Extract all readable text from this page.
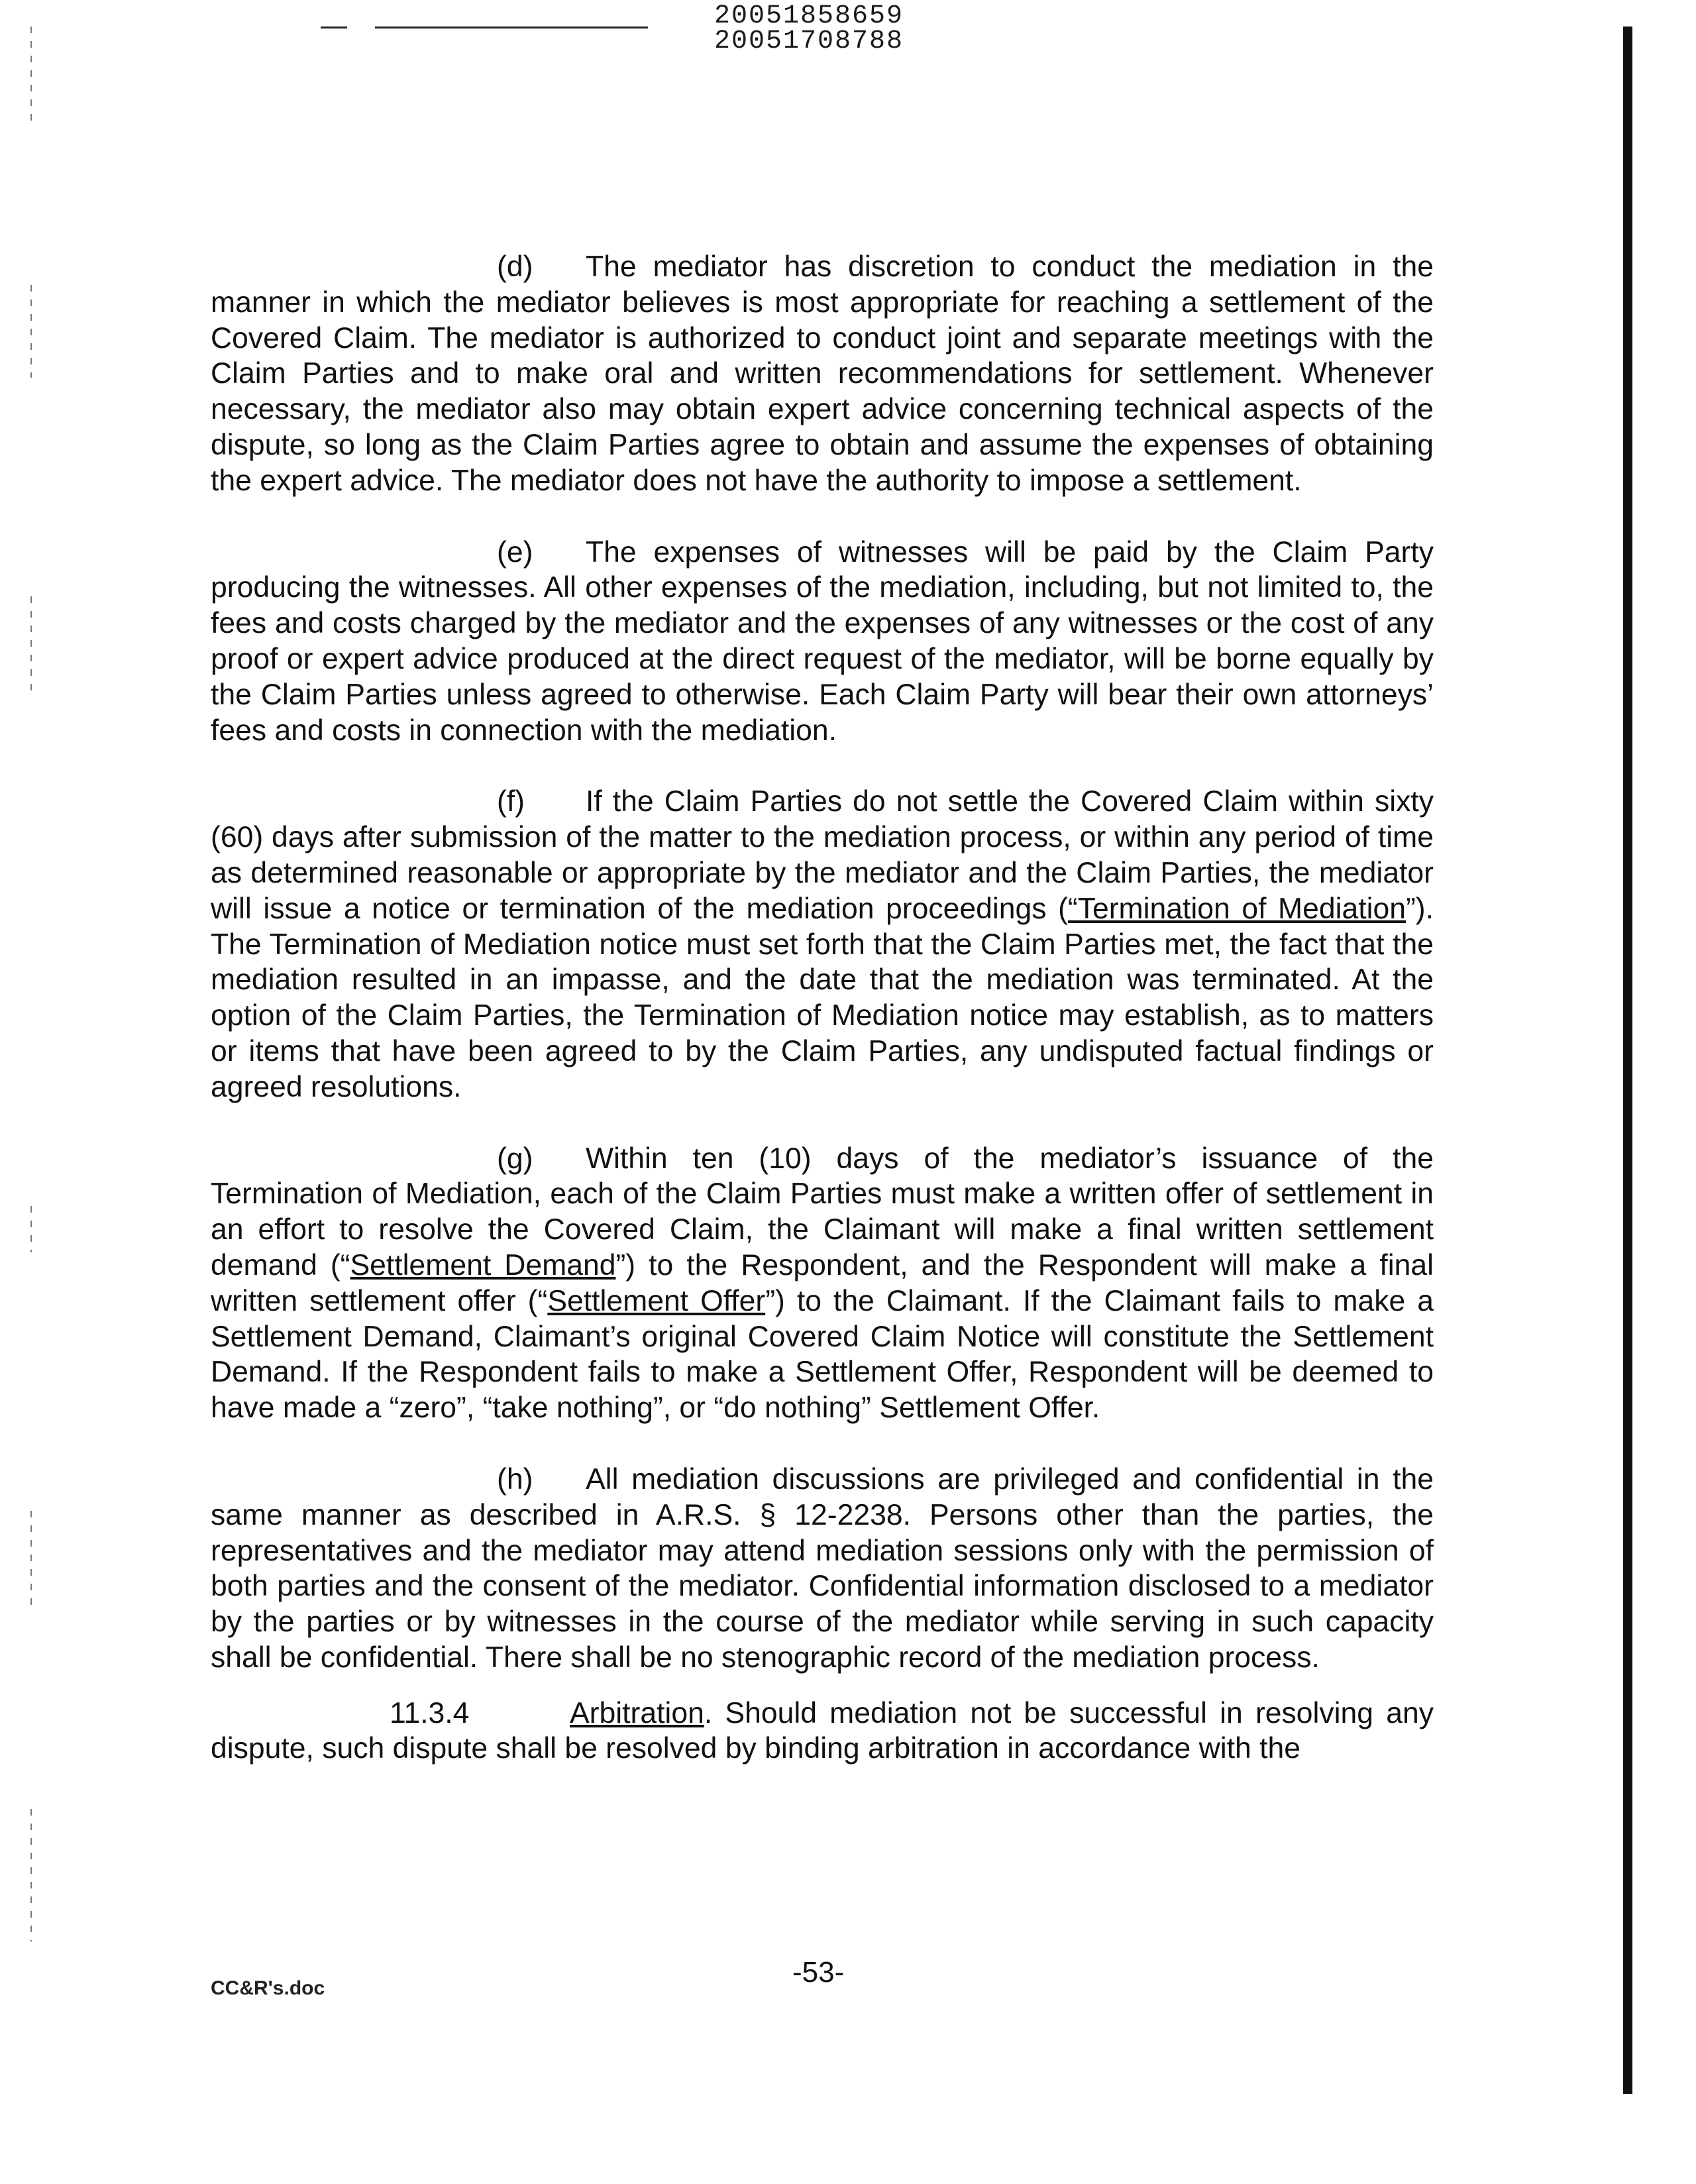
20051858659
20051708788

(d) The mediator has discretion to conduct the mediation in the manner in which the mediator believes is most appropriate for reaching a settlement of the Covered Claim. The mediator is authorized to conduct joint and separate meetings with the Claim Parties and to make oral and written recommendations for settlement. Whenever necessary, the mediator also may obtain expert advice concerning technical aspects of the dispute, so long as the Claim Parties agree to obtain and assume the expenses of obtaining the expert advice. The mediator does not have the authority to impose a settlement.

(e) The expenses of witnesses will be paid by the Claim Party producing the witnesses. All other expenses of the mediation, including, but not limited to, the fees and costs charged by the mediator and the expenses of any witnesses or the cost of any proof or expert advice produced at the direct request of the mediator, will be borne equally by the Claim Parties unless agreed to otherwise. Each Claim Party will bear their own attorneys’ fees and costs in connection with the mediation.

(f) If the Claim Parties do not settle the Covered Claim within sixty (60) days after submission of the matter to the mediation process, or within any period of time as determined reasonable or appropriate by the mediator and the Claim Parties, the mediator will issue a notice or termination of the mediation proceedings (“Termination of Mediation”). The Termination of Mediation notice must set forth that the Claim Parties met, the fact that the mediation resulted in an impasse, and the date that the mediation was terminated. At the option of the Claim Parties, the Termination of Mediation notice may establish, as to matters or items that have been agreed to by the Claim Parties, any undisputed factual findings or agreed resolutions.

(g) Within ten (10) days of the mediator’s issuance of the Termination of Mediation, each of the Claim Parties must make a written offer of settlement in an effort to resolve the Covered Claim, the Claimant will make a final written settlement demand (“Settlement Demand”) to the Respondent, and the Respondent will make a final written settlement offer (“Settlement Offer”) to the Claimant. If the Claimant fails to make a Settlement Demand, Claimant’s original Covered Claim Notice will constitute the Settlement Demand. If the Respondent fails to make a Settlement Offer, Respondent will be deemed to have made a “zero”, “take nothing”, or “do nothing” Settlement Offer.

(h) All mediation discussions are privileged and confidential in the same manner as described in A.R.S. § 12-2238. Persons other than the parties, the representatives and the mediator may attend mediation sessions only with the permission of both parties and the consent of the mediator. Confidential information disclosed to a mediator by the parties or by witnesses in the course of the mediator while serving in such capacity shall be confidential. There shall be no stenographic record of the mediation process.

11.3.4	Arbitration. Should mediation not be successful in resolving any dispute, such dispute shall be resolved by binding arbitration in accordance with the

CC&R's.doc	-53-
